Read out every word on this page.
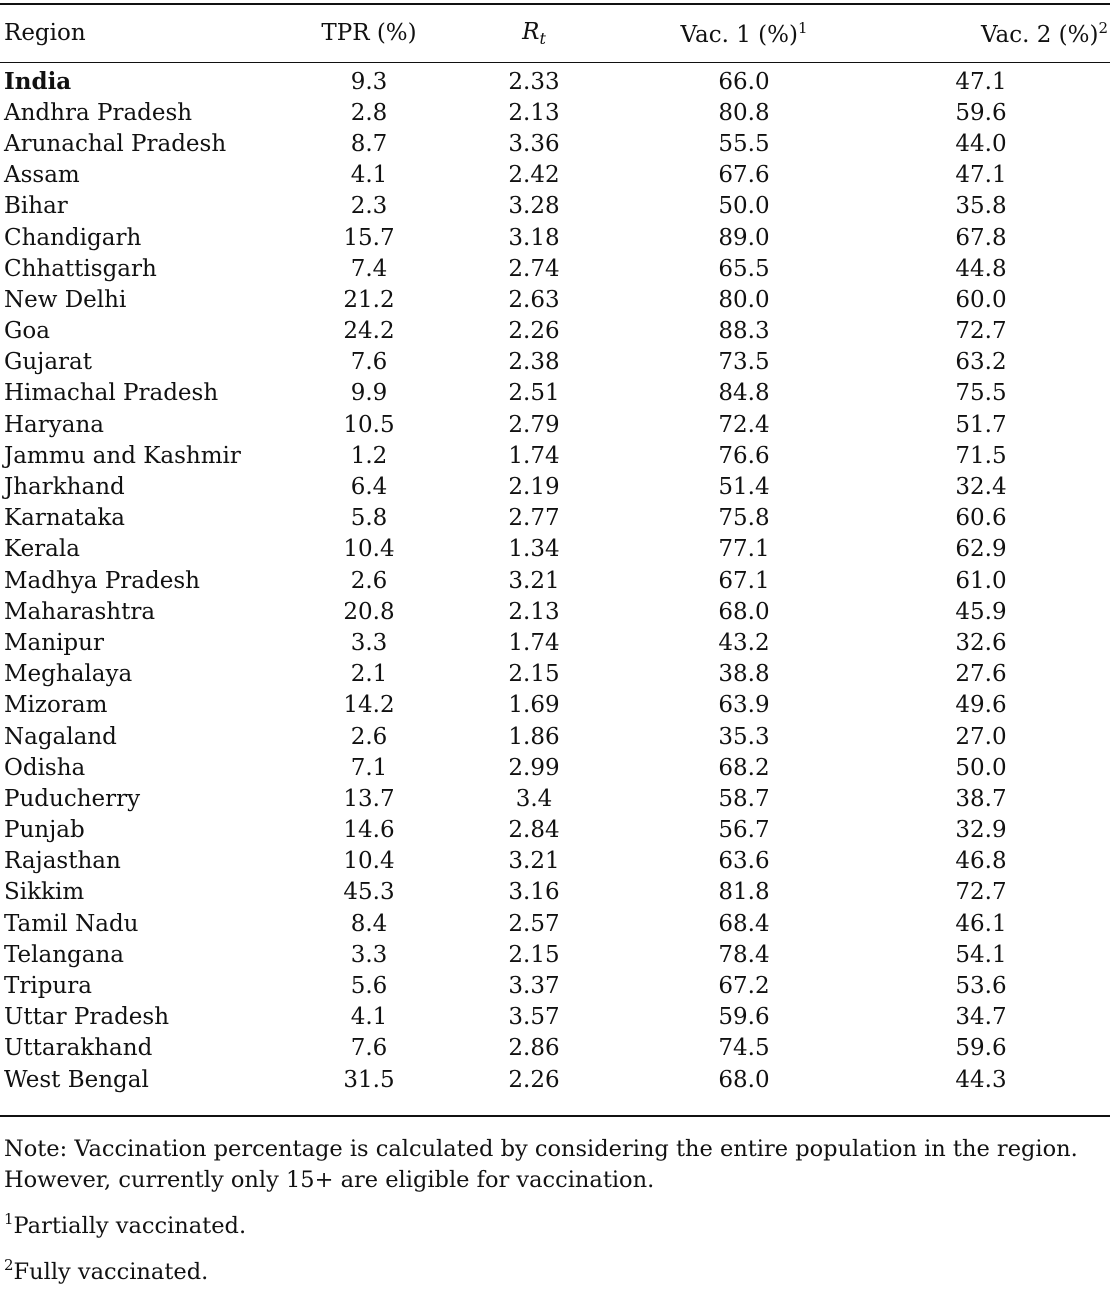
Region	TPR (%)	$R_t$	Vac. 1 (%)$^1$	Vac. 2 (%)$^2$
India	9.3	2.33	66.0	47.1
Andhra Pradesh	2.8	2.13	80.8	59.6
Arunachal Pradesh	8.7	3.36	55.5	44.0
Assam	4.1	2.42	67.6	47.1
Bihar	2.3	3.28	50.0	35.8
Chandigarh	15.7	3.18	89.0	67.8
Chhattisgarh	7.4	2.74	65.5	44.8
New Delhi	21.2	2.63	80.0	60.0
Goa	24.2	2.26	88.3	72.7
Gujarat	7.6	2.38	73.5	63.2
Himachal Pradesh	9.9	2.51	84.8	75.5
Haryana	10.5	2.79	72.4	51.7
Jammu and Kashmir	1.2	1.74	76.6	71.5
Jharkhand	6.4	2.19	51.4	32.4
Karnataka	5.8	2.77	75.8	60.6
Kerala	10.4	1.34	77.1	62.9
Madhya Pradesh	2.6	3.21	67.1	61.0
Maharashtra	20.8	2.13	68.0	45.9
Manipur	3.3	1.74	43.2	32.6
Meghalaya	2.1	2.15	38.8	27.6
Mizoram	14.2	1.69	63.9	49.6
Nagaland	2.6	1.86	35.3	27.0
Odisha	7.1	2.99	68.2	50.0
Puducherry	13.7	3.4	58.7	38.7
Punjab	14.6	2.84	56.7	32.9
Rajasthan	10.4	3.21	63.6	46.8
Sikkim	45.3	3.16	81.8	72.7
Tamil Nadu	8.4	2.57	68.4	46.1
Telangana	3.3	2.15	78.4	54.1
Tripura	5.6	3.37	67.2	53.6
Uttar Pradesh	4.1	3.57	59.6	34.7
Uttarakhand	7.6	2.86	74.5	59.6
West Bengal	31.5	2.26	68.0	44.3
Note: Vaccination percentage is calculated by considering the entire population in the region.
However, currently only 15+ are eligible for vaccination.
$^1$Partially vaccinated.
$^2$Fully vaccinated.
